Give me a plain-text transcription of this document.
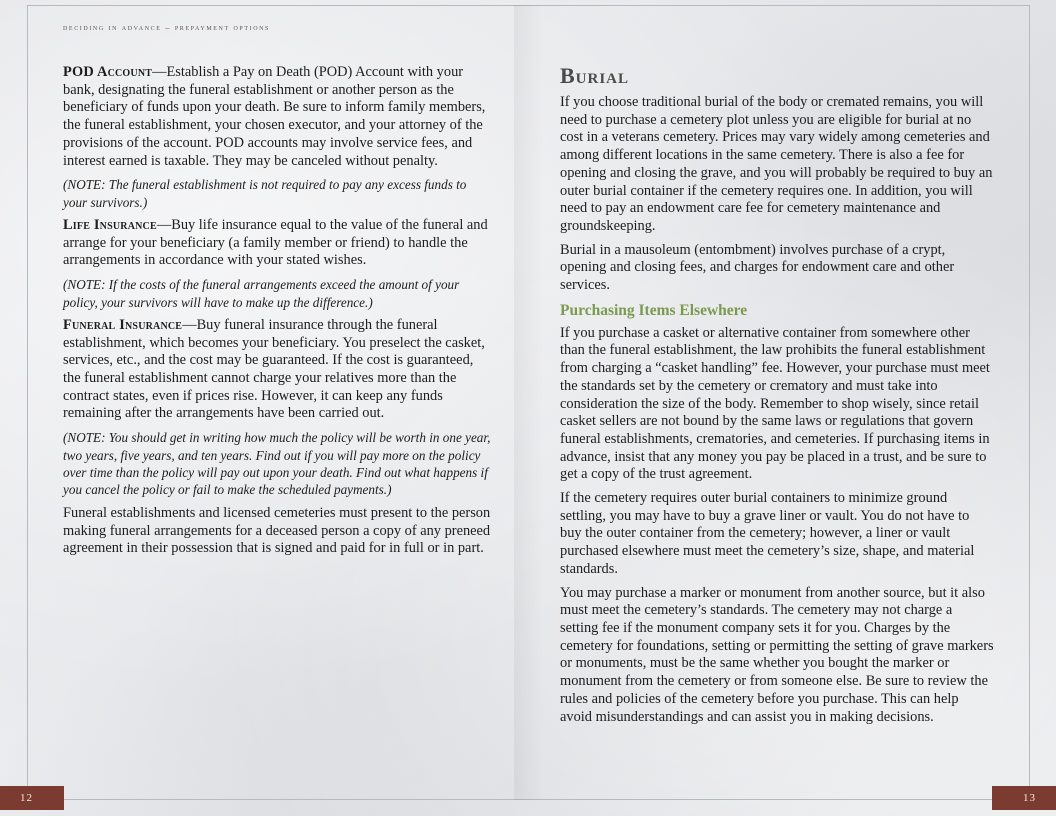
deciding in advance – prepayment options

POD Account—Establish a Pay on Death (POD) Account with your bank, designating the funeral establishment or another person as the beneficiary of funds upon your death. Be sure to inform family members, the funeral establishment, your chosen executor, and your attorney of the provisions of the account. POD accounts may involve service fees, and interest earned is taxable. They may be canceled without penalty.

(NOTE: The funeral establishment is not required to pay any excess funds to your survivors.)

Life Insurance—Buy life insurance equal to the value of the funeral and arrange for your beneficiary (a family member or friend) to handle the arrangements in accordance with your stated wishes.

(NOTE: If the costs of the funeral arrangements exceed the amount of your policy, your survivors will have to make up the difference.)

Funeral Insurance—Buy funeral insurance through the funeral establishment, which becomes your beneficiary. You preselect the casket, services, etc., and the cost may be guaranteed. If the cost is guaranteed, the funeral establishment cannot charge your relatives more than the contract states, even if prices rise. However, it can keep any funds remaining after the arrangements have been carried out.

(NOTE: You should get in writing how much the policy will be worth in one year, two years, five years, and ten years. Find out if you will pay more on the policy over time than the policy will pay out upon your death. Find out what happens if you cancel the policy or fail to make the scheduled payments.)

Funeral establishments and licensed cemeteries must present to the person making funeral arrangements for a deceased person a copy of any preneed agreement in their possession that is signed and paid for in full or in part.

Burial

If you choose traditional burial of the body or cremated remains, you will need to purchase a cemetery plot unless you are eligible for burial at no cost in a veterans cemetery. Prices may vary widely among cemeteries and among different locations in the same cemetery. There is also a fee for opening and closing the grave, and you will probably be required to buy an outer burial container if the cemetery requires one. In addition, you will need to pay an endowment care fee for cemetery maintenance and groundskeeping.

Burial in a mausoleum (entombment) involves purchase of a crypt, opening and closing fees, and charges for endowment care and other services.

Purchasing Items Elsewhere

If you purchase a casket or alternative container from somewhere other than the funeral establishment, the law prohibits the funeral establishment from charging a “casket handling” fee. However, your purchase must meet the standards set by the cemetery or crematory and must take into consideration the size of the body. Remember to shop wisely, since retail casket sellers are not bound by the same laws or regulations that govern funeral establishments, crematories, and cemeteries. If purchasing items in advance, insist that any money you pay be placed in a trust, and be sure to get a copy of the trust agreement.

If the cemetery requires outer burial containers to minimize ground settling, you may have to buy a grave liner or vault. You do not have to buy the outer container from the cemetery; however, a liner or vault purchased elsewhere must meet the cemetery’s size, shape, and material standards.

You may purchase a marker or monument from another source, but it also must meet the cemetery’s standards. The cemetery may not charge a setting fee if the monument company sets it for you. Charges by the cemetery for foundations, setting or permitting the setting of grave markers or monuments, must be the same whether you bought the marker or monument from the cemetery or from someone else. Be sure to review the rules and policies of the cemetery before you purchase. This can help avoid misunderstandings and can assist you in making decisions.

12	13
